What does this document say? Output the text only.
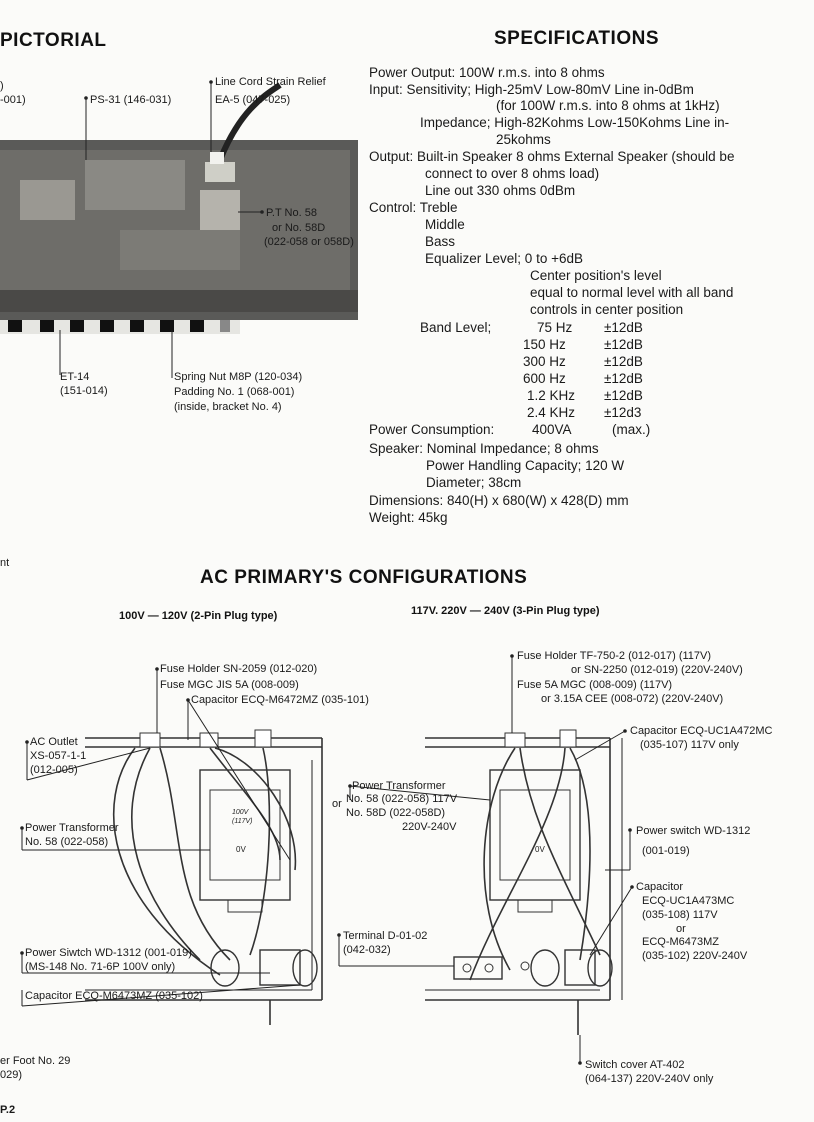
PICTORIAL
)
-001)	PS-31 (146-031)
Line Cord Strain Relief
EA-5 (047-025)
P.T No. 58
or No. 58D
(022-058 or 058D)
ET-14
(151-014)
Spring Nut M8P (120-034)
Padding No. 1 (068-001)
(inside, bracket No. 4)
nt
SPECIFICATIONS
Power Output: 100W r.m.s. into 8 ohms
Input: Sensitivity; High-25mV Low-80mV Line in-0dBm
(for 100W r.m.s. into 8 ohms at 1kHz)
Impedance; High-82Kohms Low-150Kohms Line in-
25kohms
Output: Built-in Speaker 8 ohms External Speaker (should be
connect to over 8 ohms load)
Line out 330 ohms 0dBm
Control: Treble
Middle
Bass
Equalizer Level; 0 to +6dB
Center position's level
equal to normal level with all band
controls in center position
Band Level;	75 Hz ±12dB
150 Hz	±12dB
300 Hz	±12dB
600 Hz	±12dB
1.2 KHz ±12dB
2.4 KHz ±12d3
Power Consumption:	400VA	(max.)
Speaker: Nominal Impedance; 8 ohms
Power Handling Capacity; 120 W
Diameter; 38cm
Dimensions: 840(H) x 680(W) x 428(D) mm
Weight: 45kg
AC PRIMARY'S CONFIGURATIONS
100V — 120V (2-Pin Plug type)	117V. 220V — 240V (3-Pin Plug type)
Fuse Holder SN-2059 (012-020)
Fuse MGC JIS 5A (008-009)
Capacitor ECQ-M6472MZ (035-101)
AC Outlet
XS-057-1-1
(012-005)
Power Transformer
No. 58 (022-058)
Power Siwtch WD-1312 (001-019)
(MS-148 No. 71-6P 100V only)
Capacitor ECQ-M6473MZ (035-102)
er Foot No. 29
029)
P.2
100V
(117V)
0V
Power Transformer
or No. 58 (022-058) 117V
No. 58D (022-058D)
220V-240V
Terminal D-01-02
(042-032)
Fuse Holder TF-750-2 (012-017) (117V)
or SN-2250 (012-019) (220V-240V)
Fuse 5A MGC (008-009) (117V)
or 3.15A CEE (008-072) (220V-240V)
Capacitor ECQ-UC1A472MC
(035-107) 117V only
Power switch WD-1312
(001-019)
Capacitor
ECQ-UC1A473MC
(035-108) 117V
or
ECQ-M6473MZ
(035-102) 220V-240V
Switch cover AT-402
(064-137) 220V-240V only
0V
